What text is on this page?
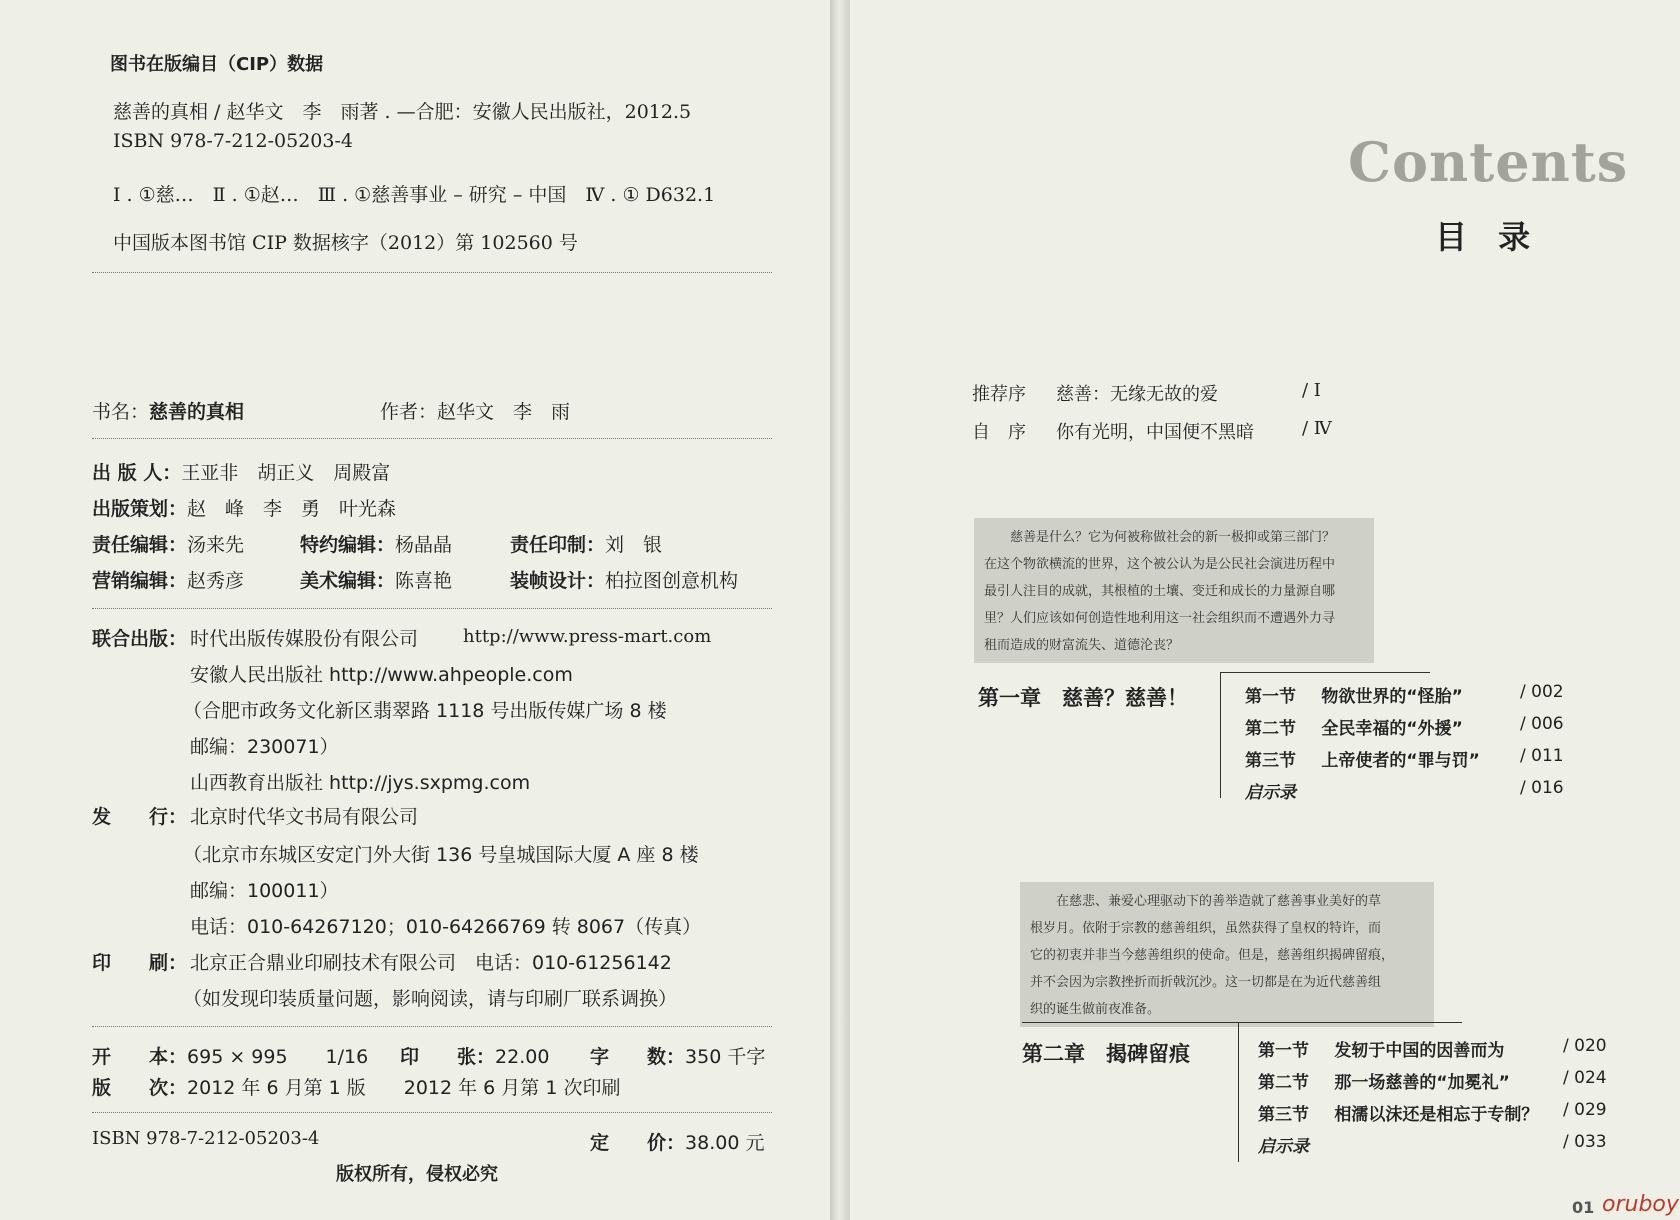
图书在版编目（CIP）数据
慈善的真相 / 赵华文　李　雨著 . —合肥：安徽人民出版社，2012.5
ISBN 978-7-212-05203-4
Ⅰ . ①慈…　Ⅱ . ①赵…　Ⅲ . ①慈善事业 – 研究 – 中国　Ⅳ . ① D632.1
中国版本图书馆 CIP 数据核字（2012）第 102560 号
书名：慈善的真相	作者：赵华文　李　雨
出 版 人：王亚非　胡正义　周殿富
出版策划：赵　峰　李　勇　叶光森
责任编辑：汤来先	特约编辑：杨晶晶	责任印制：刘　银
营销编辑：赵秀彦	美术编辑：陈喜艳	装帧设计：柏拉图创意机构
联合出版： 时代出版传媒股份有限公司 http://www.press-mart.com
安徽人民出版社 http://www.ahpeople.com
（合肥市政务文化新区翡翠路 1118 号出版传媒广场 8 楼
邮编：230071）
山西教育出版社 http://jys.sxpmg.com
发　　行： 北京时代华文书局有限公司
（北京市东城区安定门外大街 136 号皇城国际大厦 A 座 8 楼
邮编：100011）
电话：010-64267120；010-64266769 转 8067（传真）
印　　刷： 北京正合鼎业印刷技术有限公司　电话：010-61256142
（如发现印装质量问题，影响阅读，请与印刷厂联系调换）
开　　本：695 × 995　　1/16 印　　张：22.00 字　　数：350 千字
版　　次：2012 年 6 月第 1 版　　2012 年 6 月第 1 次印刷
ISBN 978-7-212-05203-4	定　　价：38.00 元
版权所有，侵权必究
Contents
目 录
推荐序 慈善：无缘无故的爱	/ Ⅰ
自　序 你有光明，中国便不黑暗	/ Ⅳ
慈善是什么？它为何被称做社会的新一极抑或第三部门？
在这个物欲横流的世界，这个被公认为是公民社会演进历程中
最引人注目的成就，其根植的土壤、变迁和成长的力量源自哪
里？人们应该如何创造性地利用这一社会组织而不遭遇外力寻
租而造成的财富流失、道德沦丧？
第一章　慈善？慈善！	第一节 物欲世界的“怪胎”	/ 002
第二节 全民幸福的“外援”	/ 006
第三节 上帝使者的“罪与罚” / 011
启示录	/ 016
在慈悲、兼爱心理驱动下的善举造就了慈善事业美好的草
根岁月。依附于宗教的慈善组织，虽然获得了皇权的特许，而
它的初衷并非当今慈善组织的使命。但是，慈善组织揭碑留痕，
并不会因为宗教挫折而折戟沉沙。这一切都是在为近代慈善组
织的诞生做前夜准备。
第二章　揭碑留痕	第一节 发轫于中国的因善而为	/ 020
第二节 那一场慈善的“加冕礼”	/ 024
第三节 相濡以沫还是相忘于专制？ / 029
启示录	/ 033
01 oruboy
